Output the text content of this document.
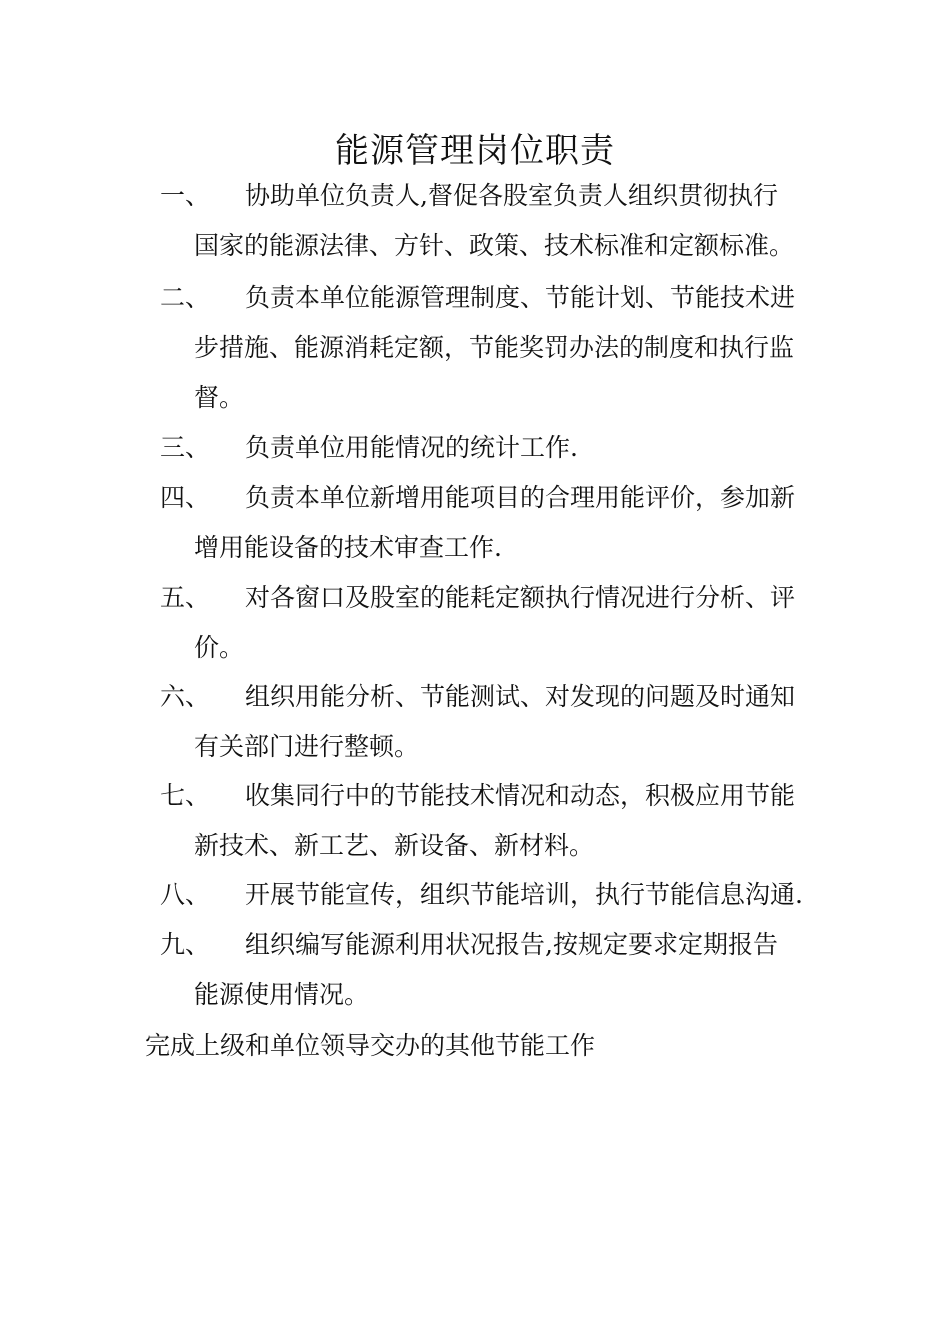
能源管理岗位职责
一、	协助单位负责人,督促各股室负责人组织贯彻执行
国家的能源法律、方针、政策、技术标准和定额标准。
二、	负责本单位能源管理制度、节能计划、节能技术进
步措施、能源消耗定额，节能奖罚办法的制度和执行监
督。
三、	负责单位用能情况的统计工作.
四、	负责本单位新增用能项目的合理用能评价，参加新
增用能设备的技术审查工作.
五、	对各窗口及股室的能耗定额执行情况进行分析、评
价。
六、	组织用能分析、节能测试、对发现的问题及时通知
有关部门进行整顿。
七、	收集同行中的节能技术情况和动态，积极应用节能
新技术、新工艺、新设备、新材料。
八、	开展节能宣传，组织节能培训，执行节能信息沟通.
九、	组织编写能源利用状况报告,按规定要求定期报告
能源使用情况。
完成上级和单位领导交办的其他节能工作
